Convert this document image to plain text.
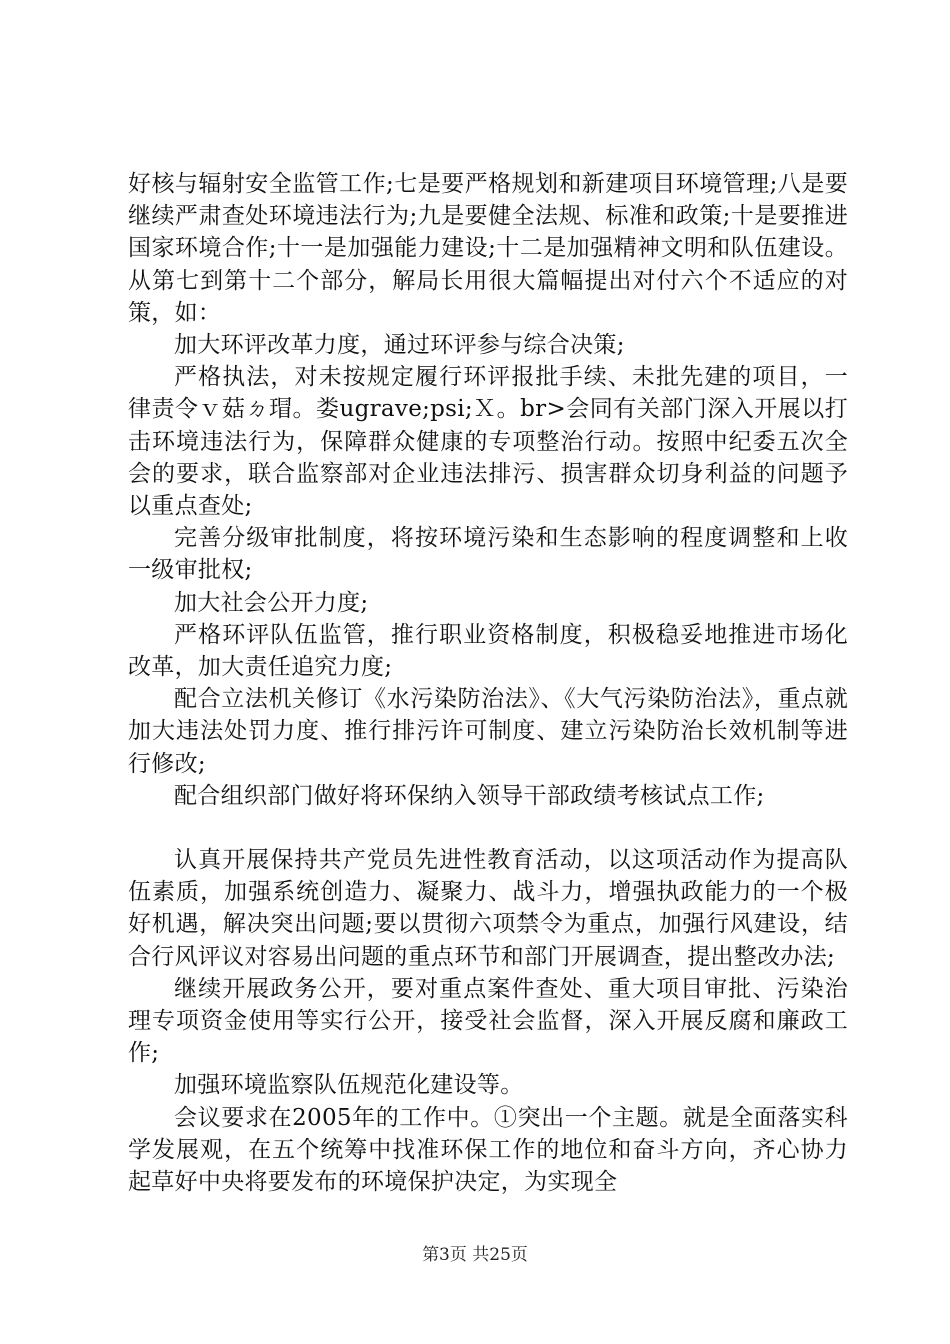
好核与辐射安全监管工作;七是要严格规划和新建项目环境管理;八是要继续严肃查处环境违法行为;九是要健全法规、标准和政策;十是要推进国家环境合作;十一是加强能力建设;十二是加强精神文明和队伍建设。从第七到第十二个部分，解局长用很大篇幅提出对付六个不适应的对策，如：

加大环评改革力度，通过环评参与综合决策;

严格执法，对未按规定履行环评报批手续、未批先建的项目，一律责令ｖ菇ㄉ瑁。娄ugrave;psi;Ｘ。br>会同有关部门深入开展以打击环境违法行为，保障群众健康的专项整治行动。按照中纪委五次全会的要求，联合监察部对企业违法排污、损害群众切身利益的问题予以重点查处;

完善分级审批制度，将按环境污染和生态影响的程度调整和上收一级审批权;

加大社会公开力度;

严格环评队伍监管，推行职业资格制度，积极稳妥地推进市场化改革，加大责任追究力度;

配合立法机关修订《水污染防治法》、《大气污染防治法》，重点就加大违法处罚力度、推行排污许可制度、建立污染防治长效机制等进行修改;

配合组织部门做好将环保纳入领导干部政绩考核试点工作;

认真开展保持共产党员先进性教育活动，以这项活动作为提高队伍素质，加强系统创造力、凝聚力、战斗力，增强执政能力的一个极好机遇，解决突出问题;要以贯彻六项禁令为重点，加强行风建设，结合行风评议对容易出问题的重点环节和部门开展调查，提出整改办法;

继续开展政务公开，要对重点案件查处、重大项目审批、污染治理专项资金使用等实行公开，接受社会监督，深入开展反腐和廉政工作;

加强环境监察队伍规范化建设等。

会议要求在2005年的工作中。①突出一个主题。就是全面落实科学发展观，在五个统筹中找准环保工作的地位和奋斗方向，齐心协力起草好中央将要发布的环境保护决定，为实现全

第3页 共25页
